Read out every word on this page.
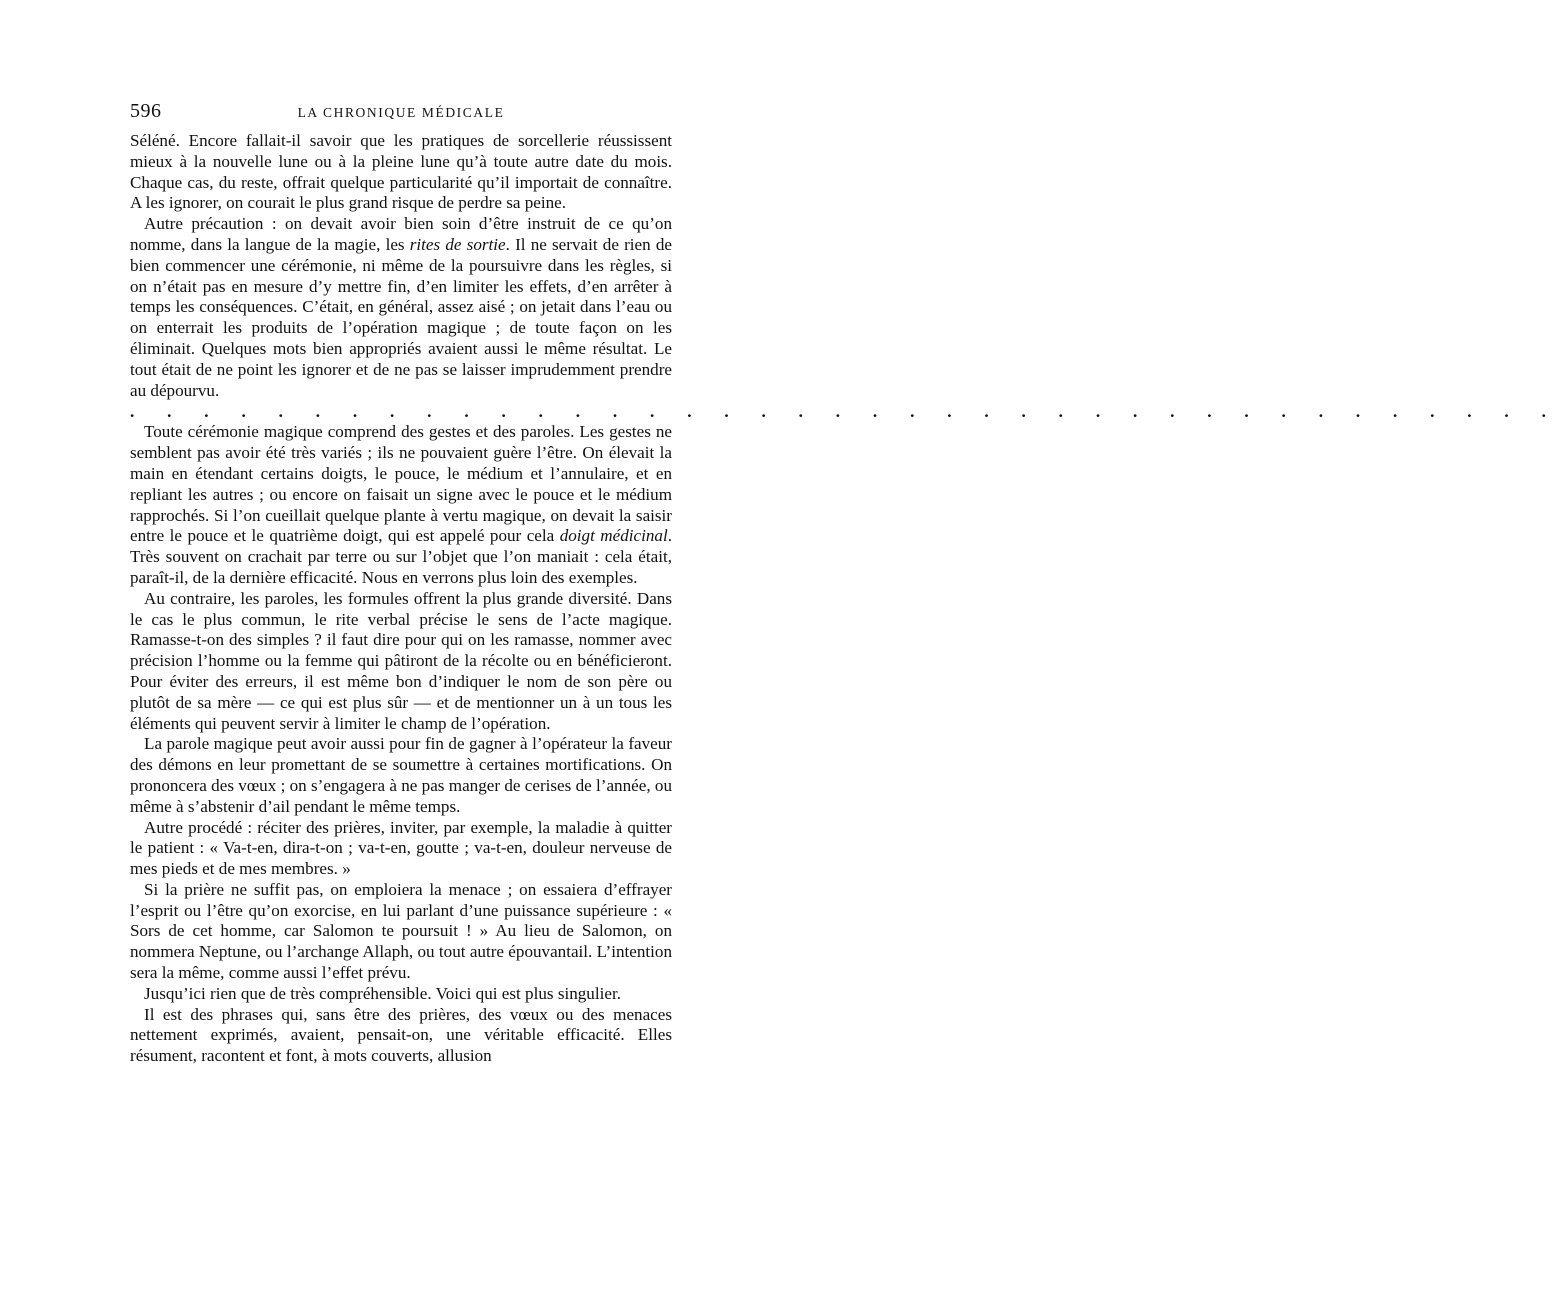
596	LA CHRONIQUE MÉDICALE

Séléné. Encore fallait-il savoir que les pratiques de sorcellerie réussissent mieux à la nouvelle lune ou à la pleine lune qu’à toute autre date du mois. Chaque cas, du reste, offrait quelque particularité qu’il importait de connaître. A les ignorer, on courait le plus grand risque de perdre sa peine.

Autre précaution : on devait avoir bien soin d’être instruit de ce qu’on nomme, dans la langue de la magie, les rites de sortie. Il ne servait de rien de bien commencer une cérémonie, ni même de la poursuivre dans les règles, si on n’était pas en mesure d’y mettre fin, d’en limiter les effets, d’en arrêter à temps les conséquences. C’était, en général, assez aisé ; on jetait dans l’eau ou on enterrait les produits de l’opération magique ; de toute façon on les éliminait. Quelques mots bien appropriés avaient aussi le même résultat. Le tout était de ne point les ignorer et de ne pas se laisser imprudemment prendre au dépourvu.

. . . . . . . . . . . . . . . . . . . . . . . . . . . . . . . . . . . . . . .

Toute cérémonie magique comprend des gestes et des paroles. Les gestes ne semblent pas avoir été très variés ; ils ne pouvaient guère l’être. On élevait la main en étendant certains doigts, le pouce, le médium et l’annulaire, et en repliant les autres ; ou encore on faisait un signe avec le pouce et le médium rapprochés. Si l’on cueillait quelque plante à vertu magique, on devait la saisir entre le pouce et le quatrième doigt, qui est appelé pour cela doigt médicinal. Très souvent on crachait par terre ou sur l’objet que l’on maniait : cela était, paraît-il, de la dernière efficacité. Nous en verrons plus loin des exemples.

Au contraire, les paroles, les formules offrent la plus grande diversité. Dans le cas le plus commun, le rite verbal précise le sens de l’acte magique. Ramasse-t-on des simples ? il faut dire pour qui on les ramasse, nommer avec précision l’homme ou la femme qui pâtiront de la récolte ou en bénéficieront. Pour éviter des erreurs, il est même bon d’indiquer le nom de son père ou plutôt de sa mère — ce qui est plus sûr — et de mentionner un à un tous les éléments qui peuvent servir à limiter le champ de l’opération.

La parole magique peut avoir aussi pour fin de gagner à l’opérateur la faveur des démons en leur promettant de se soumettre à certaines mortifications. On prononcera des vœux ; on s’engagera à ne pas manger de cerises de l’année, ou même à s’abstenir d’ail pendant le même temps.

Autre procédé : réciter des prières, inviter, par exemple, la maladie à quitter le patient : « Va-t-en, dira-t-on ; va-t-en, goutte ; va-t-en, douleur nerveuse de mes pieds et de mes membres. »

Si la prière ne suffit pas, on emploiera la menace ; on essaiera d’effrayer l’esprit ou l’être qu’on exorcise, en lui parlant d’une puissance supérieure : « Sors de cet homme, car Salomon te poursuit ! » Au lieu de Salomon, on nommera Neptune, ou l’archange Allaph, ou tout autre épouvantail. L’intention sera la même, comme aussi l’effet prévu.

Jusqu’ici rien que de très compréhensible. Voici qui est plus singulier.

Il est des phrases qui, sans être des prières, des vœux ou des menaces nettement exprimés, avaient, pensait-on, une véritable efficacité. Elles résument, racontent et font, à mots couverts, allusion
